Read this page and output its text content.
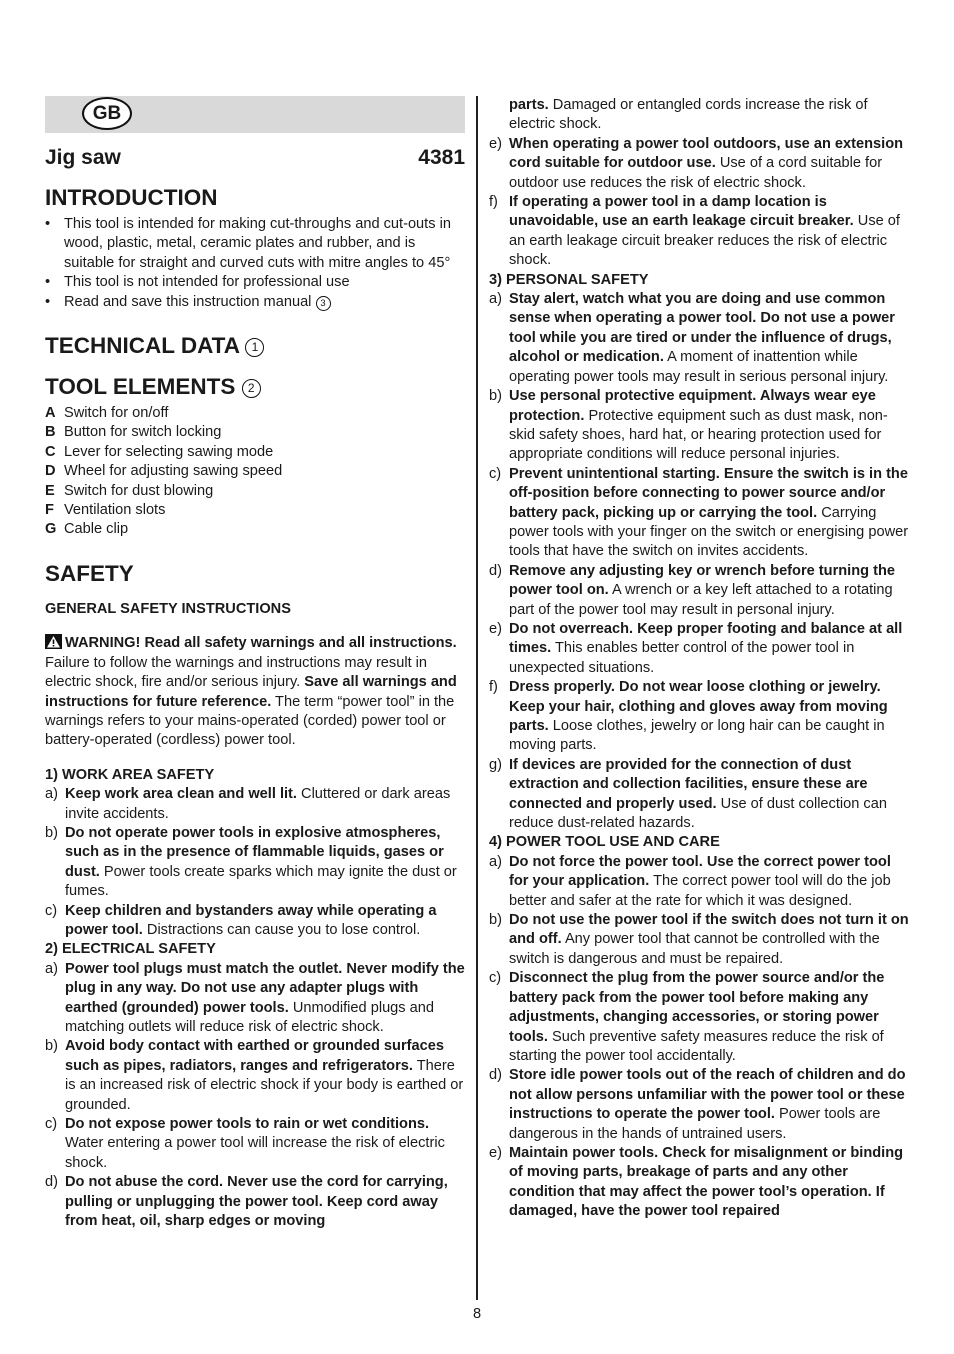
GB
Jig saw	4381
INTRODUCTION
• This tool is intended for making cut-throughs and cut-outs in wood, plastic, metal, ceramic plates and rubber, and is suitable for straight and curved cuts with mitre angles to 45°
• This tool is not intended for professional use
• Read and save this instruction manual 3
TECHNICAL DATA 1
TOOL ELEMENTS 2
A Switch for on/off
B Button for switch locking
C Lever for selecting sawing mode
D Wheel for adjusting sawing speed
E Switch for dust blowing
F Ventilation slots
G Cable clip
SAFETY
GENERAL SAFETY INSTRUCTIONS
WARNING! Read all safety warnings and all instructions. Failure to follow the warnings and instructions may result in electric shock, fire and/or serious injury. Save all warnings and instructions for future reference. The term “power tool” in the warnings refers to your mains-operated (corded) power tool or battery-operated (cordless) power tool.
1) WORK AREA SAFETY
a) Keep work area clean and well lit. Cluttered or dark areas invite accidents.
b) Do not operate power tools in explosive atmospheres, such as in the presence of flammable liquids, gases or dust. Power tools create sparks which may ignite the dust or fumes.
c) Keep children and bystanders away while operating a power tool. Distractions can cause you to lose control.
2) ELECTRICAL SAFETY
a) Power tool plugs must match the outlet. Never modify the plug in any way. Do not use any adapter plugs with earthed (grounded) power tools. Unmodified plugs and matching outlets will reduce risk of electric shock.
b) Avoid body contact with earthed or grounded surfaces such as pipes, radiators, ranges and refrigerators. There is an increased risk of electric shock if your body is earthed or grounded.
c) Do not expose power tools to rain or wet conditions. Water entering a power tool will increase the risk of electric shock.
d) Do not abuse the cord. Never use the cord for carrying, pulling or unplugging the power tool. Keep cord away from heat, oil, sharp edges or moving
parts. Damaged or entangled cords increase the risk of electric shock.
e) When operating a power tool outdoors, use an extension cord suitable for outdoor use. Use of a cord suitable for outdoor use reduces the risk of electric shock.
f) If operating a power tool in a damp location is unavoidable, use an earth leakage circuit breaker. Use of an earth leakage circuit breaker reduces the risk of electric shock.
3) PERSONAL SAFETY
a) Stay alert, watch what you are doing and use common sense when operating a power tool. Do not use a power tool while you are tired or under the influence of drugs, alcohol or medication. A moment of inattention while operating power tools may result in serious personal injury.
b) Use personal protective equipment. Always wear eye protection. Protective equipment such as dust mask, non-skid safety shoes, hard hat, or hearing protection used for appropriate conditions will reduce personal injuries.
c) Prevent unintentional starting. Ensure the switch is in the off-position before connecting to power source and/or battery pack, picking up or carrying the tool. Carrying power tools with your finger on the switch or energising power tools that have the switch on invites accidents.
d) Remove any adjusting key or wrench before turning the power tool on. A wrench or a key left attached to a rotating part of the power tool may result in personal injury.
e) Do not overreach. Keep proper footing and balance at all times. This enables better control of the power tool in unexpected situations.
f) Dress properly. Do not wear loose clothing or jewelry. Keep your hair, clothing and gloves away from moving parts. Loose clothes, jewelry or long hair can be caught in moving parts.
g) If devices are provided for the connection of dust extraction and collection facilities, ensure these are connected and properly used. Use of dust collection can reduce dust-related hazards.
4) POWER TOOL USE AND CARE
a) Do not force the power tool. Use the correct power tool for your application. The correct power tool will do the job better and safer at the rate for which it was designed.
b) Do not use the power tool if the switch does not turn it on and off. Any power tool that cannot be controlled with the switch is dangerous and must be repaired.
c) Disconnect the plug from the power source and/or the battery pack from the power tool before making any adjustments, changing accessories, or storing power tools. Such preventive safety measures reduce the risk of starting the power tool accidentally.
d) Store idle power tools out of the reach of children and do not allow persons unfamiliar with the power tool or these instructions to operate the power tool. Power tools are dangerous in the hands of untrained users.
e) Maintain power tools. Check for misalignment or binding of moving parts, breakage of parts and any other condition that may affect the power tool’s operation. If damaged, have the power tool repaired
8
